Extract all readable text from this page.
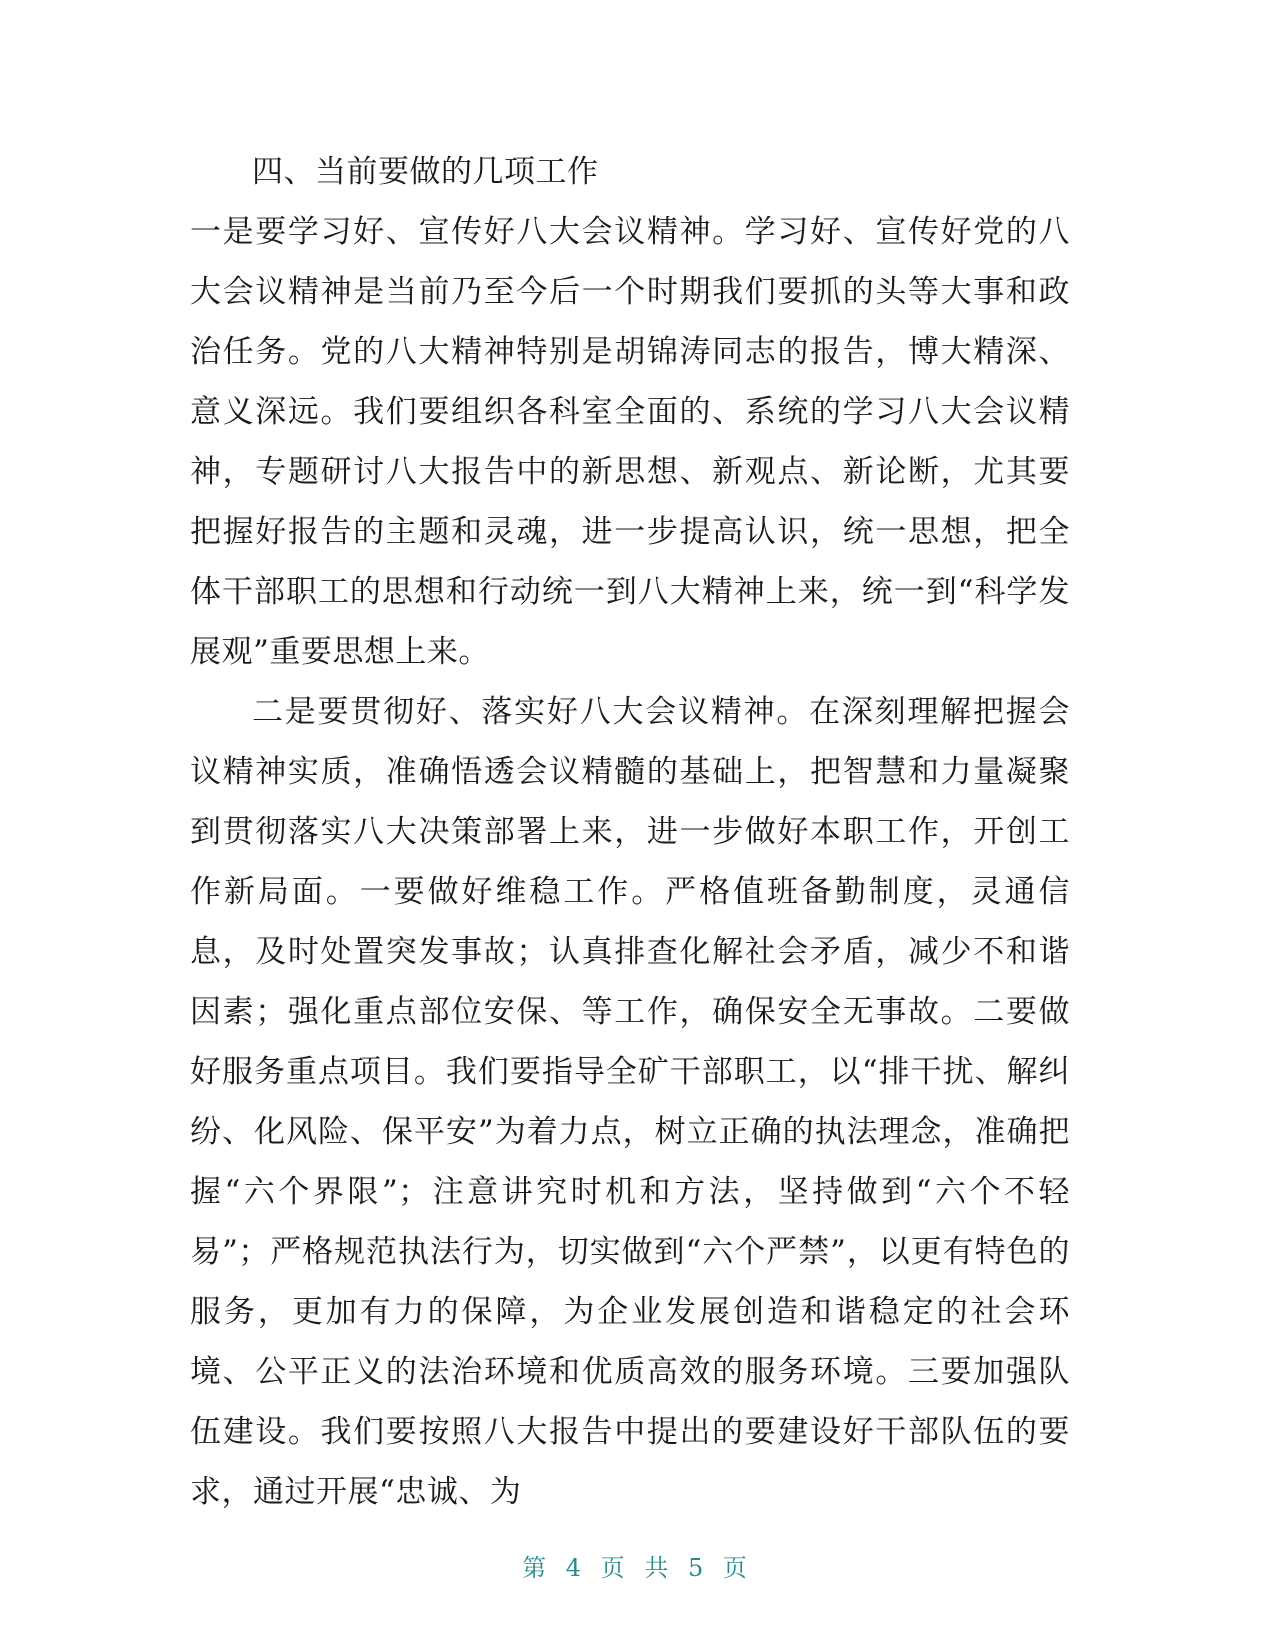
四、当前要做的几项工作

一是要学习好、宣传好八大会议精神。学习好、宣传好党的八大会议精神是当前乃至今后一个时期我们要抓的头等大事和政治任务。党的八大精神特别是胡锦涛同志的报告，博大精深、意义深远。我们要组织各科室全面的、系统的学习八大会议精神，专题研讨八大报告中的新思想、新观点、新论断，尤其要把握好报告的主题和灵魂，进一步提高认识，统一思想，把全体干部职工的思想和行动统一到八大精神上来，统一到“科学发展观”重要思想上来。

二是要贯彻好、落实好八大会议精神。在深刻理解把握会议精神实质，准确悟透会议精髓的基础上，把智慧和力量凝聚到贯彻落实八大决策部署上来，进一步做好本职工作，开创工作新局面。一要做好维稳工作。严格值班备勤制度，灵通信息，及时处置突发事故；认真排查化解社会矛盾，减少不和谐因素；强化重点部位安保、等工作，确保安全无事故。二要做好服务重点项目。我们要指导全矿干部职工，以“排干扰、解纠纷、化风险、保平安”为着力点，树立正确的执法理念，准确把握“六个界限”；注意讲究时机和方法，坚持做到“六个不轻易”；严格规范执法行为，切实做到“六个严禁”，以更有特色的服务，更加有力的保障，为企业发展创造和谐稳定的社会环境、公平正义的法治环境和优质高效的服务环境。三要加强队伍建设。我们要按照八大报告中提出的要建设好干部队伍的要求，通过开展“忠诚、为

第 4 页 共 5 页
